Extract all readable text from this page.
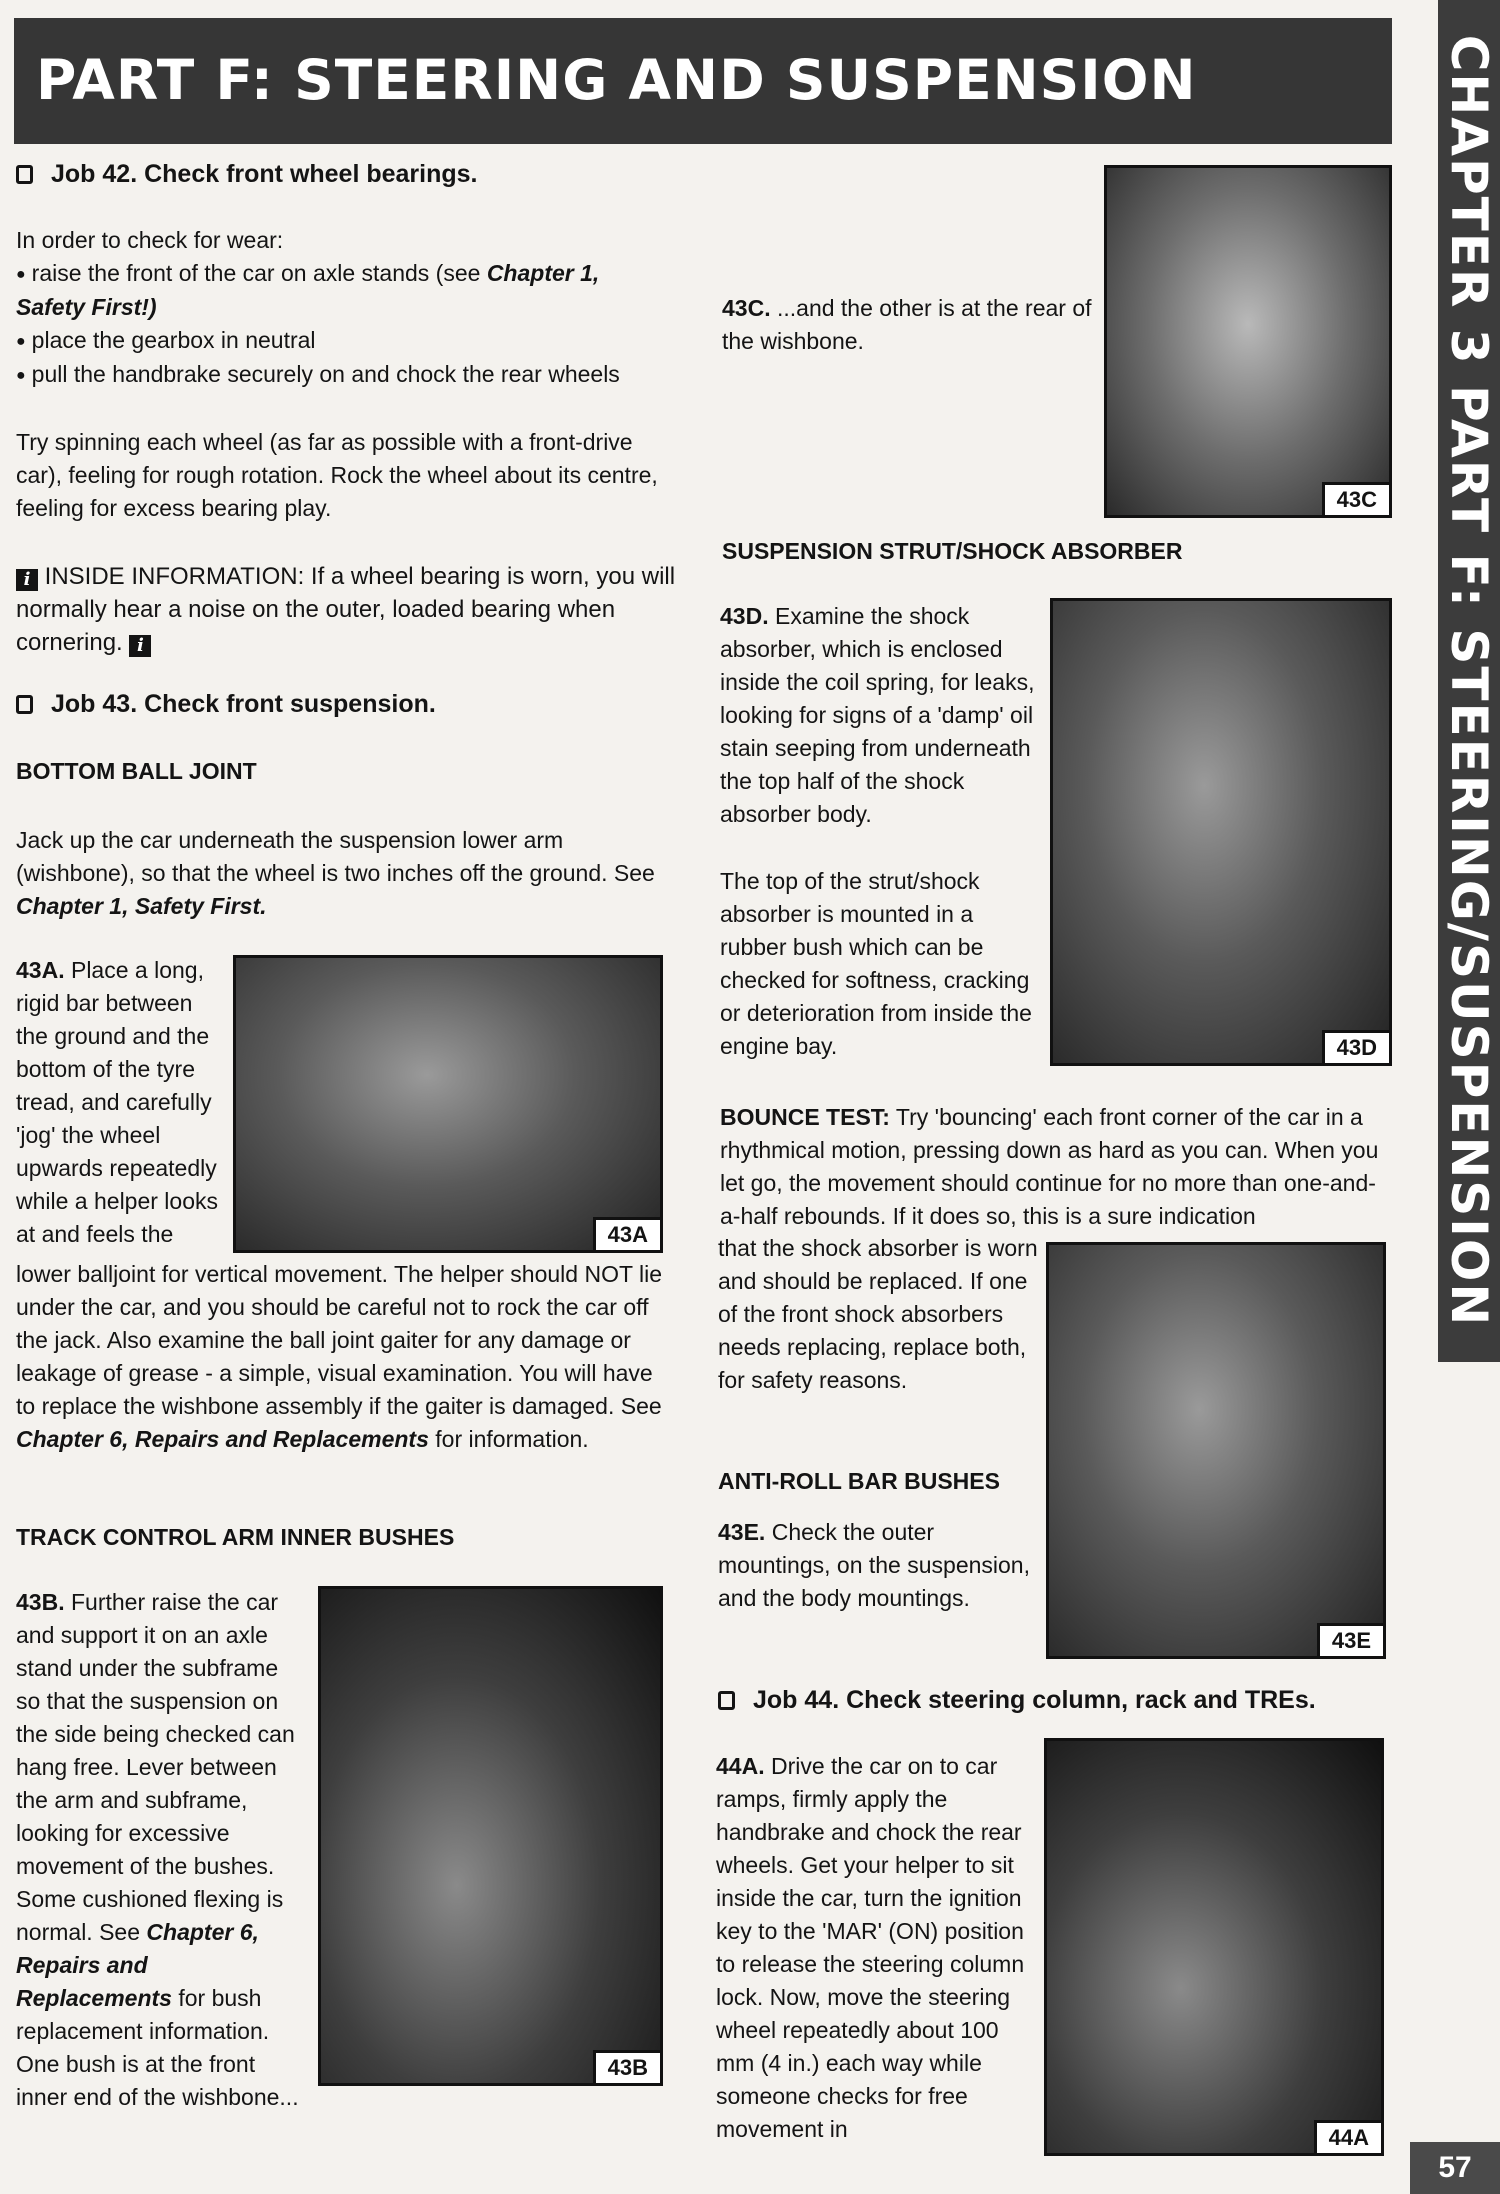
PART F: STEERING AND SUSPENSION	CHAPTER 3 PART F: STEERING/SUSPENSION
Job 42. Check front wheel bearings.
In order to check for wear:
● raise the front of the car on axle stands (see Chapter 1, Safety First!)
● place the gearbox in neutral
● pull the handbrake securely on and chock the rear wheels
Try spinning each wheel (as far as possible with a front-drive car), feeling for rough rotation. Rock the wheel about its centre, feeling for excess bearing play.
i INSIDE INFORMATION: If a wheel bearing is worn, you will normally hear a noise on the outer, loaded bearing when cornering. i
Job 43. Check front suspension.
BOTTOM BALL JOINT
Jack up the car underneath the suspension lower arm (wishbone), so that the wheel is two inches off the ground. See Chapter 1, Safety First.
43A. Place a long, rigid bar between the ground and the bottom of the tyre tread, and carefully 'jog' the wheel upwards repeatedly while a helper looks at and feels the	43A
lower balljoint for vertical movement. The helper should NOT lie under the car, and you should be careful not to rock the car off the jack. Also examine the ball joint gaiter for any damage or leakage of grease - a simple, visual examination. You will have to replace the wishbone assembly if the gaiter is damaged. See Chapter 6, Repairs and Replacements for information.
TRACK CONTROL ARM INNER BUSHES
43B. Further raise the car and support it on an axle stand under the subframe so that the suspension on the side being checked can hang free. Lever between the arm and subframe, looking for excessive movement of the bushes. Some cushioned flexing is normal. See Chapter 6, Repairs and Replacements for bush replacement information. One bush is at the front inner end of the wishbone...
43B
43C
43C. ...and the other is at the rear of the wishbone.
SUSPENSION STRUT/SHOCK ABSORBER
43D. Examine the shock absorber, which is enclosed inside the coil spring, for leaks, looking for signs of a 'damp' oil stain seeping from underneath the top half of the shock absorber body.
The top of the strut/shock absorber is mounted in a rubber bush which can be checked for softness, cracking or deterioration from inside the engine bay.	43D
BOUNCE TEST: Try 'bouncing' each front corner of the car in a rhythmical motion, pressing down as hard as you can. When you let go, the movement should continue for no more than one-and-a-half rebounds. If it does so, this is a sure indication
that the shock absorber is worn and should be replaced. If one of the front shock absorbers needs replacing, replace both, for safety reasons.
43E
ANTI-ROLL BAR BUSHES
43E. Check the outer mountings, on the suspension, and the body mountings.
Job 44. Check steering column, rack and TREs.
44A. Drive the car on to car ramps, firmly apply the handbrake and chock the rear wheels. Get your helper to sit inside the car, turn the ignition key to the 'MAR' (ON) position to release the steering column lock. Now, move the steering wheel repeatedly about 100 mm (4 in.) each way while someone checks for free movement in	44A
57
